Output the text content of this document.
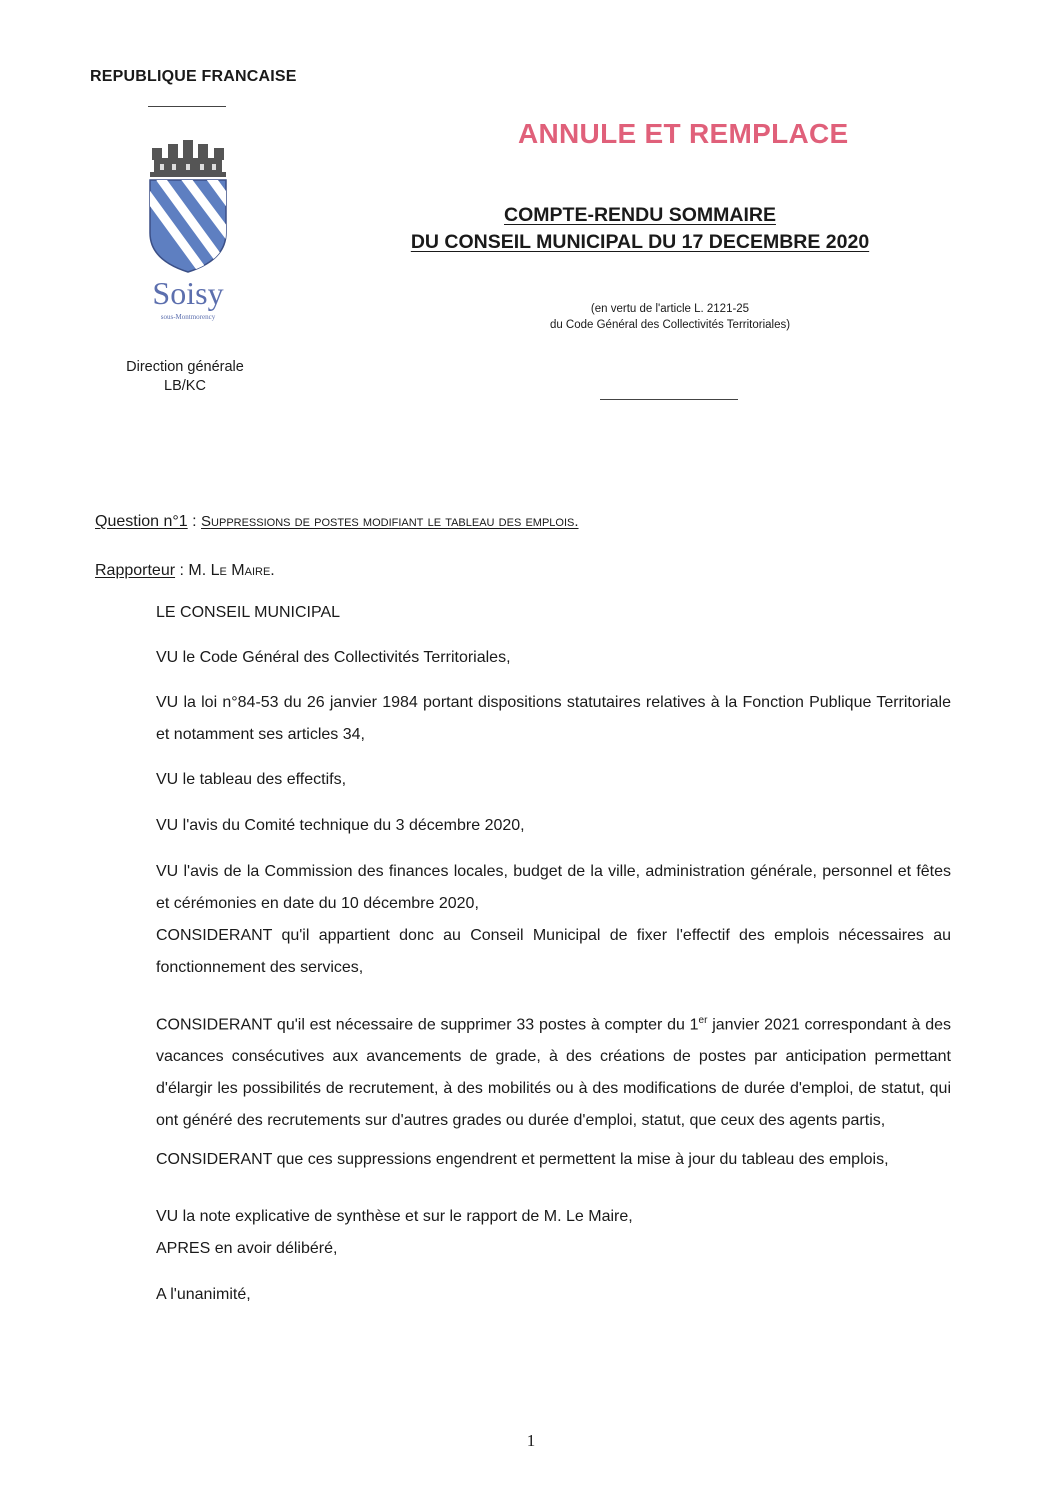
REPUBLIQUE FRANCAISE
Soisy
sous-Montmorency
Direction générale
LB/KC
ANNULE ET REMPLACE
COMPTE-RENDU SOMMAIRE
DU CONSEIL MUNICIPAL DU 17 DECEMBRE 2020
(en vertu de l'article L. 2121-25
du Code Général des Collectivités Territoriales)
Question n°1 : Suppressions de postes modifiant le tableau des emplois.
Rapporteur : M. Le Maire.
LE CONSEIL MUNICIPAL
VU le Code Général des Collectivités Territoriales,
VU la loi n°84-53 du 26 janvier 1984 portant dispositions statutaires relatives à la Fonction Publique Territoriale et notamment ses articles 34,
VU le tableau des effectifs,
VU l'avis du Comité technique du 3 décembre 2020,
VU l'avis de la Commission des finances locales, budget de la ville, administration générale, personnel et fêtes et cérémonies en date du 10 décembre 2020,
CONSIDERANT qu'il appartient donc au Conseil Municipal de fixer l'effectif des emplois nécessaires au fonctionnement des services,
CONSIDERANT qu'il est nécessaire de supprimer 33 postes à compter du 1er janvier 2021 correspondant à des vacances consécutives aux avancements de grade, à des créations de postes par anticipation permettant d'élargir les possibilités de recrutement, à des mobilités ou à des modifications de durée d'emploi, de statut, qui ont généré des recrutements sur d'autres grades ou durée d'emploi, statut, que ceux des agents partis,
CONSIDERANT que ces suppressions engendrent et permettent la mise à jour du tableau des emplois,
VU la note explicative de synthèse et sur le rapport de M. Le Maire,
APRES en avoir délibéré,
A l'unanimité,
1
